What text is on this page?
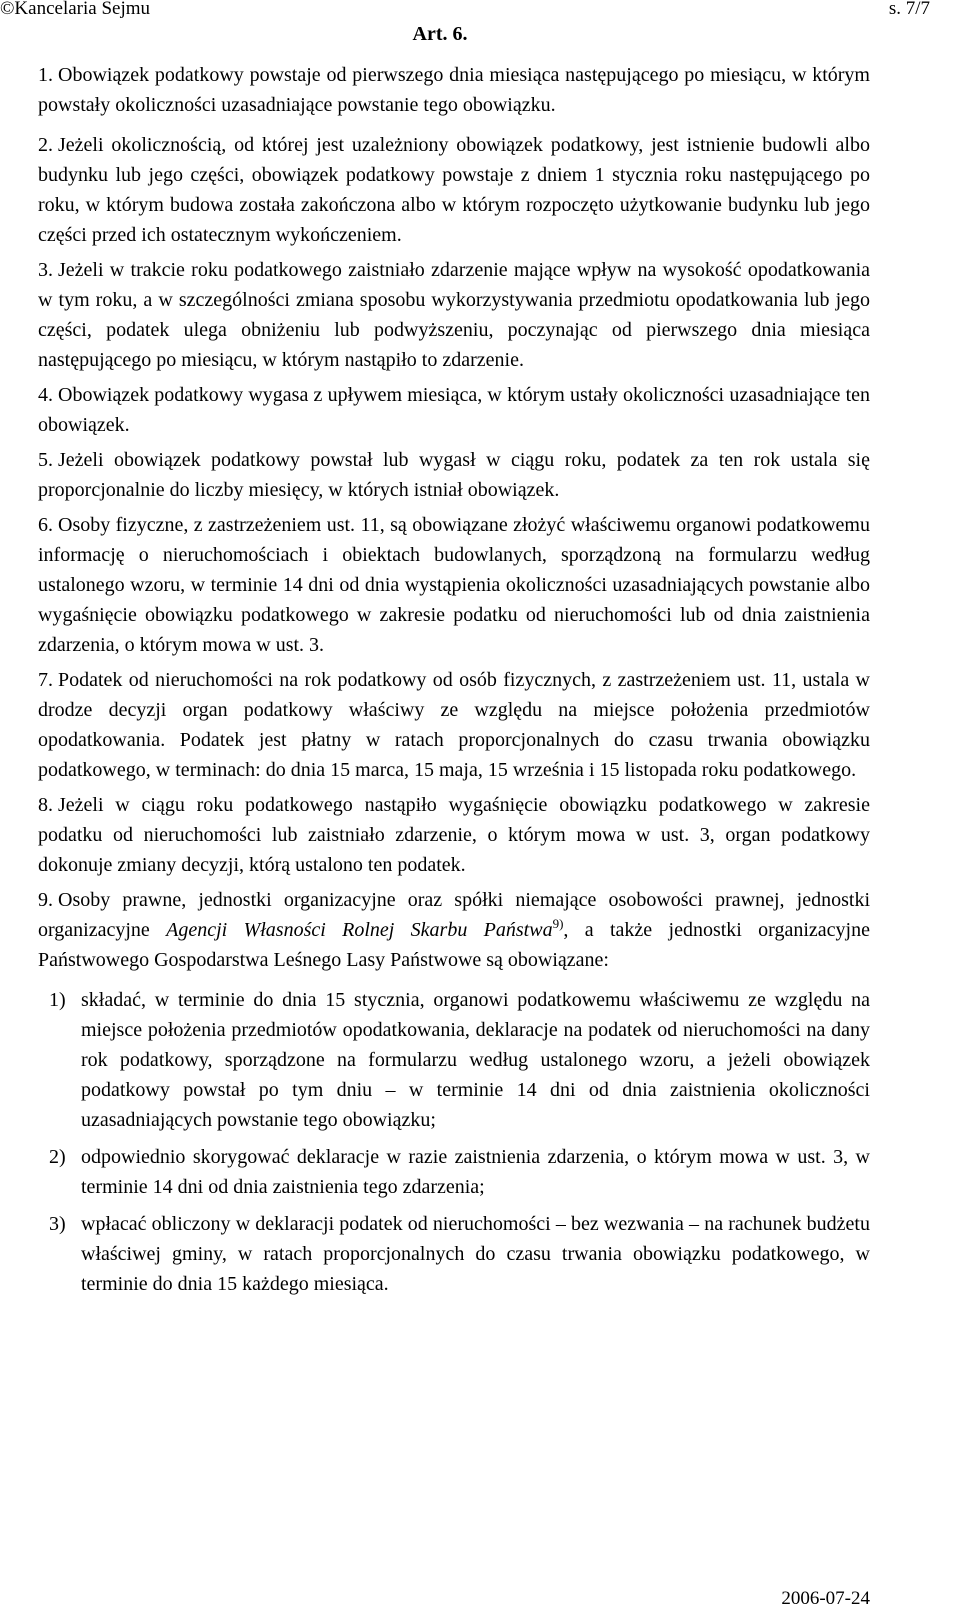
©Kancelaria Sejmu	s. 7/7
Art. 6.

1. Obowiązek podatkowy powstaje od pierwszego dnia miesiąca następującego po miesiącu, w którym powstały okoliczności uzasadniające powstanie tego obowiązku.

2. Jeżeli okolicznością, od której jest uzależniony obowiązek podatkowy, jest istnienie budowli albo budynku lub jego części, obowiązek podatkowy powstaje z dniem 1 stycznia roku następującego po roku, w którym budowa została zakończona albo w którym rozpoczęto użytkowanie budynku lub jego części przed ich ostatecznym wykończeniem.

3. Jeżeli w trakcie roku podatkowego zaistniało zdarzenie mające wpływ na wysokość opodatkowania w tym roku, a w szczególności zmiana sposobu wykorzystywania przedmiotu opodatkowania lub jego części, podatek ulega obniżeniu lub podwyższeniu, poczynając od pierwszego dnia miesiąca następującego po miesiącu, w którym nastąpiło to zdarzenie.

4. Obowiązek podatkowy wygasa z upływem miesiąca, w którym ustały okoliczności uzasadniające ten obowiązek.

5. Jeżeli obowiązek podatkowy powstał lub wygasł w ciągu roku, podatek za ten rok ustala się proporcjonalnie do liczby miesięcy, w których istniał obowiązek.

6. Osoby fizyczne, z zastrzeżeniem ust. 11, są obowiązane złożyć właściwemu organowi podatkowemu informację o nieruchomościach i obiektach budowlanych, sporządzoną na formularzu według ustalonego wzoru, w terminie 14 dni od dnia wystąpienia okoliczności uzasadniających powstanie albo wygaśnięcie obowiązku podatkowego w zakresie podatku od nieruchomości lub od dnia zaistnienia zdarzenia, o którym mowa w ust. 3.

7. Podatek od nieruchomości na rok podatkowy od osób fizycznych, z zastrzeżeniem ust. 11, ustala w drodze decyzji organ podatkowy właściwy ze względu na miejsce położenia przedmiotów opodatkowania. Podatek jest płatny w ratach proporcjonalnych do czasu trwania obowiązku podatkowego, w terminach: do dnia 15 marca, 15 maja, 15 września i 15 listopada roku podatkowego.

8. Jeżeli w ciągu roku podatkowego nastąpiło wygaśnięcie obowiązku podatkowego w zakresie podatku od nieruchomości lub zaistniało zdarzenie, o którym mowa w ust. 3, organ podatkowy dokonuje zmiany decyzji, którą ustalono ten podatek.

9. Osoby prawne, jednostki organizacyjne oraz spółki niemające osobowości prawnej, jednostki organizacyjne Agencji Własności Rolnej Skarbu Państwa$^{9)}$, a także jednostki organizacyjne Państwowego Gospodarstwa Leśnego Lasy Państwowe są obowiązane:

1) składać, w terminie do dnia 15 stycznia, organowi podatkowemu właściwemu ze względu na miejsce położenia przedmiotów opodatkowania, deklaracje na podatek od nieruchomości na dany rok podatkowy, sporządzone na formularzu według ustalonego wzoru, a jeżeli obowiązek podatkowy powstał po tym dniu – w terminie 14 dni od dnia zaistnienia okoliczności uzasadniających powstanie tego obowiązku;
2) odpowiednio skorygować deklaracje w razie zaistnienia zdarzenia, o którym mowa w ust. 3, w terminie 14 dni od dnia zaistnienia tego zdarzenia;
3) wpłacać obliczony w deklaracji podatek od nieruchomości – bez wezwania – na rachunek budżetu właściwej gminy, w ratach proporcjonalnych do czasu trwania obowiązku podatkowego, w terminie do dnia 15 każdego miesiąca.
2006-07-24
